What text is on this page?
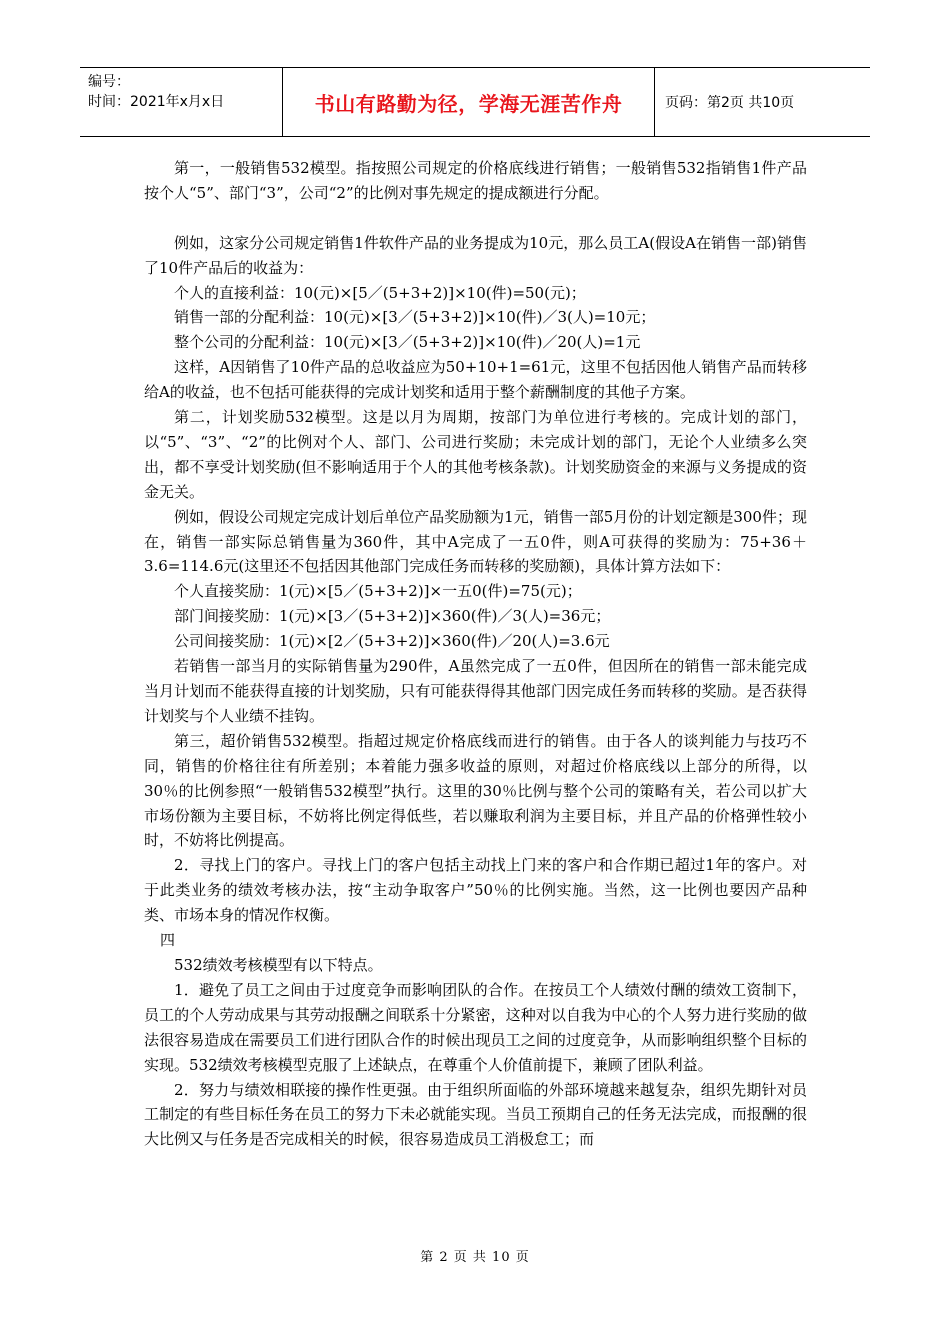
编号：
时间：2021年x月x日	书山有路勤为径，学海无涯苦作舟	页码：第2页 共10页

第一，一般销售532模型。指按照公司规定的价格底线进行销售；一般销售532指销售1件产品按个人“5”、部门“3”，公司“2”的比例对事先规定的提成额进行分配。

例如，这家分公司规定销售1件软件产品的业务提成为10元，那么员工A(假设A在销售一部)销售了10件产品后的收益为：

个人的直接利益：10(元)×[5／(5+3+2)]×10(件)=50(元)；

销售一部的分配利益：10(元)×[3／(5+3+2)]×10(件)／3(人)=10元；

整个公司的分配利益：10(元)×[3／(5+3+2)]×10(件)／20(人)=1元

这样，A因销售了10件产品的总收益应为50+10+1=61元，这里不包括因他人销售产品而转移给A的收益，也不包括可能获得的完成计划奖和适用于整个薪酬制度的其他子方案。

第二，计划奖励532模型。这是以月为周期，按部门为单位进行考核的。完成计划的部门，以“5”、“3”、“2”的比例对个人、部门、公司进行奖励；未完成计划的部门，无论个人业绩多么突出，都不享受计划奖励(但不影响适用于个人的其他考核条款)。计划奖励资金的来源与义务提成的资金无关。

例如，假设公司规定完成计划后单位产品奖励额为1元，销售一部5月份的计划定额是300件；现在，销售一部实际总销售量为360件，其中A完成了一五0件，则A可获得的奖励为：75+36＋3.6=114.6元(这里还不包括因其他部门完成任务而转移的奖励额)，具体计算方法如下：

个人直接奖励：1(元)×[5／(5+3+2)]×一五0(件)=75(元)；

部门间接奖励：1(元)×[3／(5+3+2)]×360(件)／3(人)=36元；

公司间接奖励：1(元)×[2／(5+3+2)]×360(件)／20(人)=3.6元

若销售一部当月的实际销售量为290件，A虽然完成了一五0件，但因所在的销售一部未能完成当月计划而不能获得直接的计划奖励，只有可能获得得其他部门因完成任务而转移的奖励。是否获得计划奖与个人业绩不挂钩。

第三，超价销售532模型。指超过规定价格底线而进行的销售。由于各人的谈判能力与技巧不同，销售的价格往往有所差别；本着能力强多收益的原则，对超过价格底线以上部分的所得，以30％的比例参照“一般销售532模型”执行。这里的30％比例与整个公司的策略有关，若公司以扩大市场份额为主要目标，不妨将比例定得低些，若以赚取利润为主要目标，并且产品的价格弹性较小时，不妨将比例提高。

2．寻找上门的客户。寻找上门的客户包括主动找上门来的客户和合作期已超过1年的客户。对于此类业务的绩效考核办法，按“主动争取客户”50％的比例实施。当然，这一比例也要因产品种类、市场本身的情况作权衡。

四

532绩效考核模型有以下特点。

1．避免了员工之间由于过度竞争而影响团队的合作。在按员工个人绩效付酬的绩效工资制下，员工的个人劳动成果与其劳动报酬之间联系十分紧密，这种对以自我为中心的个人努力进行奖励的做法很容易造成在需要员工们进行团队合作的时候出现员工之间的过度竞争，从而影响组织整个目标的实现。532绩效考核模型克服了上述缺点，在尊重个人价值前提下，兼顾了团队利益。

2．努力与绩效相联接的操作性更强。由于组织所面临的外部环境越来越复杂，组织先期针对员工制定的有些目标任务在员工的努力下未必就能实现。当员工预期自己的任务无法完成，而报酬的很大比例又与任务是否完成相关的时候，很容易造成员工消极怠工；而

第 2 页 共 10 页
